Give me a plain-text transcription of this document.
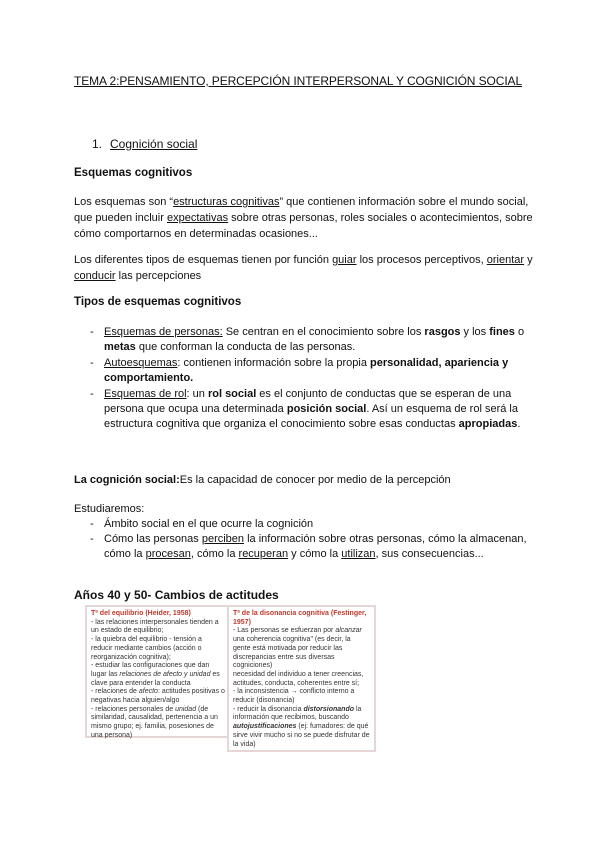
TEMA 2:PENSAMIENTO, PERCEPCIÓN INTERPERSONAL Y COGNICIÓN SOCIAL
1. Cognición social
Esquemas cognitivos
Los esquemas son “estructuras cognitivas” que contienen información sobre el mundo social, que pueden incluir expectativas sobre otras personas, roles sociales o acontecimientos, sobre cómo comportarnos en determinadas ocasiones...
Los diferentes tipos de esquemas tienen por función guiar los procesos perceptivos, orientar y conducir las percepciones
Tipos de esquemas cognitivos
- Esquemas de personas: Se centran en el conocimiento sobre los rasgos y los fines o metas que conforman la conducta de las personas.
- Autoesquemas: contienen información sobre la propia personalidad, apariencia y comportamiento.
- Esquemas de rol: un rol social es el conjunto de conductas que se esperan de una persona que ocupa una determinada posición social. Así un esquema de rol será la estructura cognitiva que organiza el conocimiento sobre esas conductas apropiadas.
La cognición social:Es la capacidad de conocer por medio de la percepción
Estudiaremos:
- Ámbito social en el que ocurre la cognición
- Cómo las personas perciben la información sobre otras personas, cómo la almacenan, cómo la procesan, cómo la recuperan y cómo la utilizan, sus consecuencias...
Años 40 y 50- Cambios de actitudes
Tª del equilibrio (Heider, 1958)
- las relaciones interpersonales tienden a un estado de equilibrio;
- la quiebra del equilibrio - tensión a reducir mediante cambios (acción o reorganización cognitiva);
- estudiar las configuraciones que dan lugar las relaciones de afecto y unidad es clave para entender la conducta
- relaciones de afecto: actitudes positivas o negativas hacia alguien/algo
- relaciones personales de unidad (de similaridad, causalidad, pertenencia a un mismo grupo; ej. familia, posesiones de una persona)
Tª de la disonancia cognitiva (Festinger, 1957)
- Las personas se esfuerzan por alcanzar una coherencia cognitiva" (es decir, la gente está motivada por reducir las discrepancias entre sus diversas cogniciones)
necesidad del individuo a tener creencias, actitudes, conducta, coherentes entre sí;
- la inconsistencia → conflicto interno a reducir (disonancia)
- reducir la disonancia distorsionando la información que recibimos, buscando autojustificaciones (ej: fumadores: de qué sirve vivir mucho si no se puede disfrutar de la vida)
